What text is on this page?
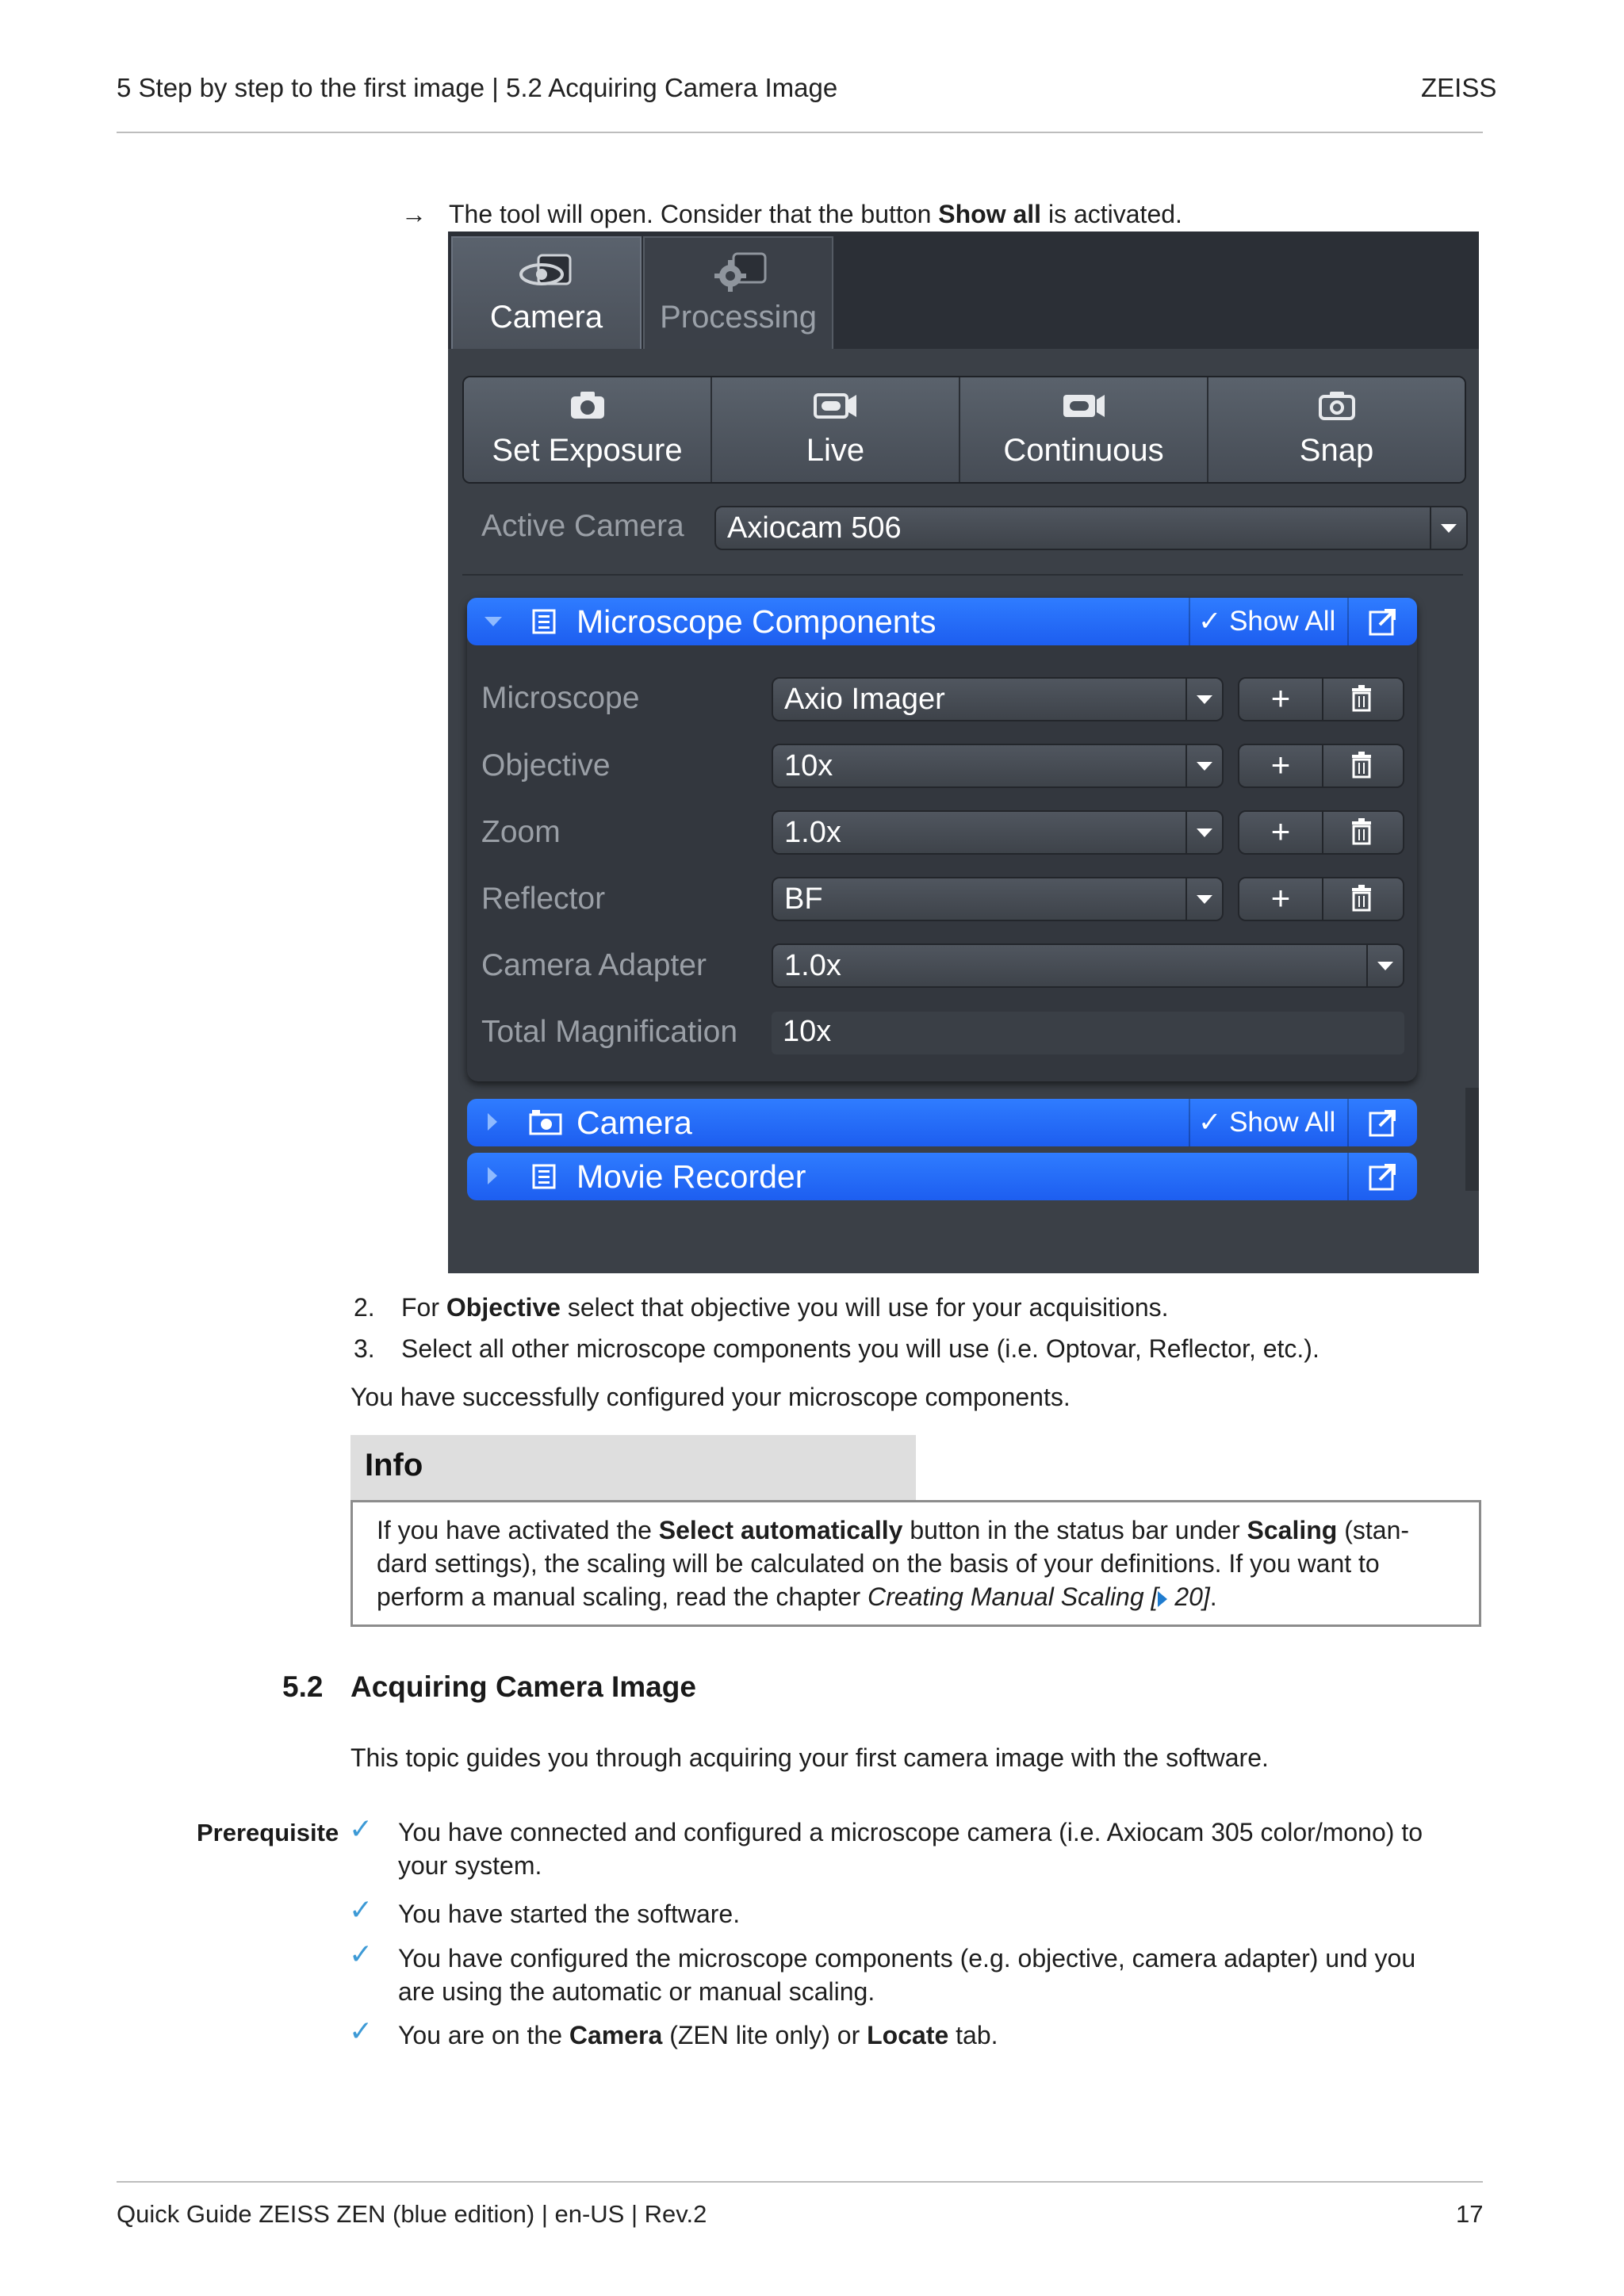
5 Step by step to the first image | 5.2 Acquiring Camera Image	ZEISS
→ The tool will open. Consider that the button Show all is activated.
Camera	Processing
Set Exposure	Live	Continuous	Snap
Active Camera Axiocam 506
Microscope Components	✓ Show All
Microscope	Axio Imager	+
Objective	10x	+
Zoom	1.0x	+
Reflector	BF	+
Camera Adapter	1.0x
Total Magnification 10x
Camera	✓ Show All
Movie Recorder
2. For Objective select that objective you will use for your acquisitions.
3. Select all other microscope components you will use (i.e. Optovar, Reflector, etc.).
You have successfully configured your microscope components.
Info
If you have activated the Select automatically button in the status bar under Scaling (stan-
dard settings), the scaling will be calculated on the basis of your definitions. If you want to
perform a manual scaling, read the chapter Creating Manual Scaling [ 20].
5.2 Acquiring Camera Image
This topic guides you through acquiring your first camera image with the software.
Prerequisite ✓ You have connected and configured a microscope camera (i.e. Axiocam 305 color/mono) to
your system.
✓ You have started the software.
✓ You have configured the microscope components (e.g. objective, camera adapter) und you
are using the automatic or manual scaling.
✓ You are on the Camera (ZEN lite only) or Locate tab.
Quick Guide ZEISS ZEN (blue edition) | en-US | Rev.2	17
